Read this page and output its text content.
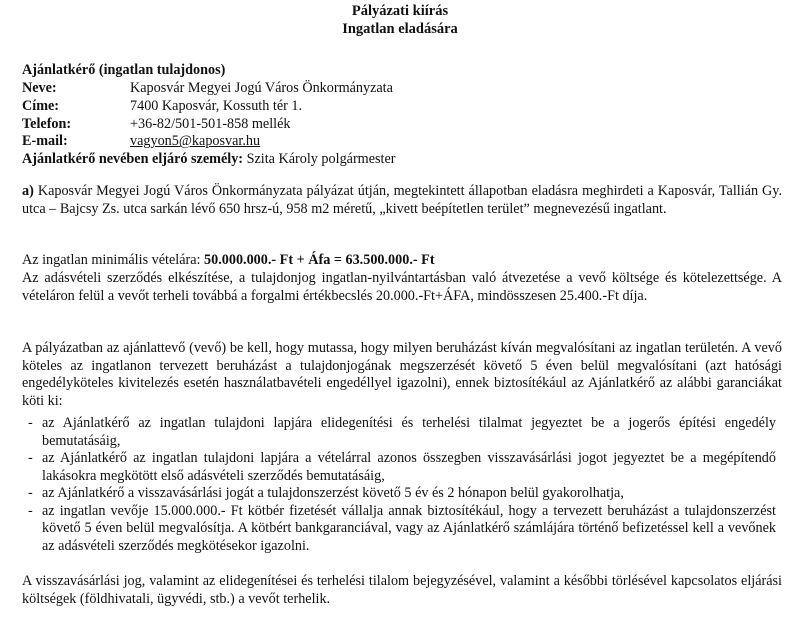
Pályázati kiírás
Ingatlan eladására
Ajánlatkérő (ingatlan tulajdonos)
Neve:	Kaposvár Megyei Jogú Város Önkormányzata
Címe:	7400 Kaposvár, Kossuth tér 1.
Telefon:	+36-82/501-501-858 mellék
E-mail:	vagyon5@kaposvar.hu
Ajánlatkérő nevében eljáró személy: Szita Károly polgármester
a) Kaposvár Megyei Jogú Város Önkormányzata pályázat útján, megtekintett állapotban eladásra meghirdeti a Kaposvár, Tallián Gy. utca – Bajcsy Zs. utca sarkán lévő 650 hrsz-ú, 958 m2 méretű, „kivett beépítetlen terület” megnevezésű ingatlant.
Az ingatlan minimális vételára: 50.000.000.- Ft + Áfa = 63.500.000.- Ft
Az adásvételi szerződés elkészítése, a tulajdonjog ingatlan-nyilvántartásban való átvezetése a vevő költsége és kötelezettsége. A vételáron felül a vevőt terheli továbbá a forgalmi értékbecslés 20.000.-Ft+ÁFA, mindösszesen 25.400.-Ft díja.
A pályázatban az ajánlattevő (vevő) be kell, hogy mutassa, hogy milyen beruházást kíván megvalósítani az ingatlan területén. A vevő köteles az ingatlanon tervezett beruházást a tulajdonjogának megszerzését követő 5 éven belül megvalósítani (azt hatósági engedélyköteles kivitelezés esetén használatbavételi engedéllyel igazolni), ennek biztosítékául az Ajánlatkérő az alábbi garanciákat köti ki:
- az Ajánlatkérő az ingatlan tulajdoni lapjára elidegenítési és terhelési tilalmat jegyeztet be a jogerős építési engedély bemutatásáig,
- az Ajánlatkérő az ingatlan tulajdoni lapjára a vételárral azonos összegben visszavásárlási jogot jegyeztet be a megépítendő lakásokra megkötött első adásvételi szerződés bemutatásáig,
- az Ajánlatkérő a visszavásárlási jogát a tulajdonszerzést követő 5 év és 2 hónapon belül gyakorolhatja,
- az ingatlan vevője 15.000.000.- Ft kötbér fizetését vállalja annak biztosítékául, hogy a tervezett beruházást a tulajdonszerzést követő 5 éven belül megvalósítja. A kötbért bankgaranciával, vagy az Ajánlatkérő számlájára történő befizetéssel kell a vevőnek az adásvételi szerződés megkötésekor igazolni.
A visszavásárlási jog, valamint az elidegenítései és terhelési tilalom bejegyzésével, valamint a későbbi törlésével kapcsolatos eljárási költségek (földhivatali, ügyvédi, stb.) a vevőt terhelik.
